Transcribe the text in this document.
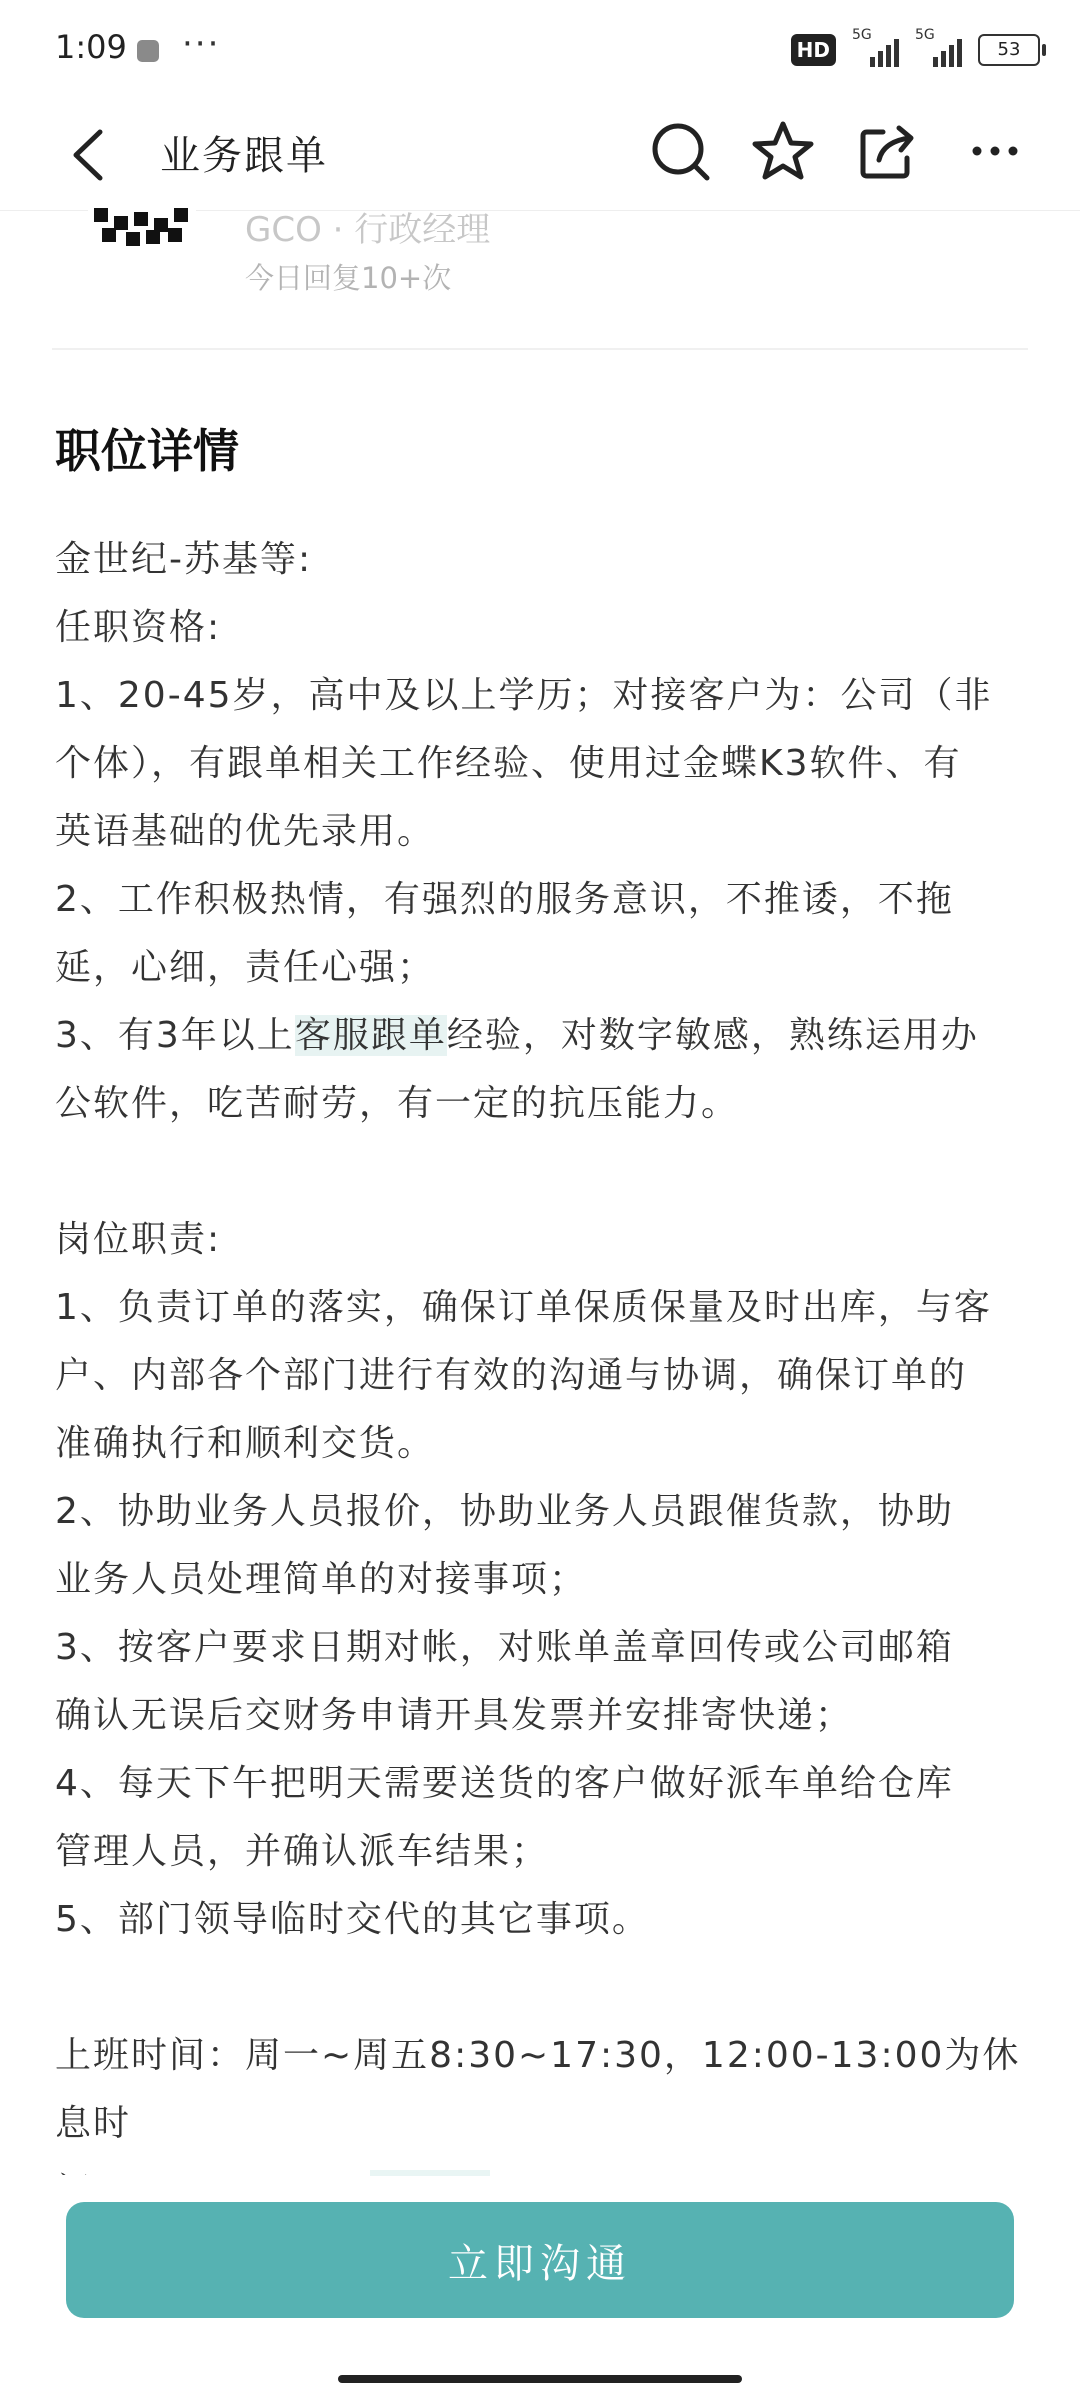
1:09 ···	HD
5G	5G
53
业务跟单
GCO · 行政经理
今日回复10+次
职位详情
金世纪-苏基等:
任职资格:
1、20-45岁，高中及以上学历；对接客户为：公司（非
个体），有跟单相关工作经验、使用过金蝶K3软件、有
英语基础的优先录用。
2、工作积极热情，有强烈的服务意识，不推诿，不拖
延，心细，责任心强；
3、有3年以上客服跟单经验，对数字敏感，熟练运用办
公软件，吃苦耐劳，有一定的抗压能力。
岗位职责:
1、负责订单的落实，确保订单保质保量及时出库，与客
户、内部各个部门进行有效的沟通与协调，确保订单的
准确执行和顺利交货。
2、协助业务人员报价，协助业务人员跟催货款，协助
业务人员处理简单的对接事项；
3、按客户要求日期对帐，对账单盖章回传或公司邮箱
确认无误后交财务申请开具发票并安排寄快递；
4、每天下午把明天需要送货的客户做好派车单给仓库
管理人员，并确认派车结果；
5、部门领导临时交代的其它事项。
上班时间：周一~周五8:30~17:30，12:00-13:00为休息时
立即沟通
